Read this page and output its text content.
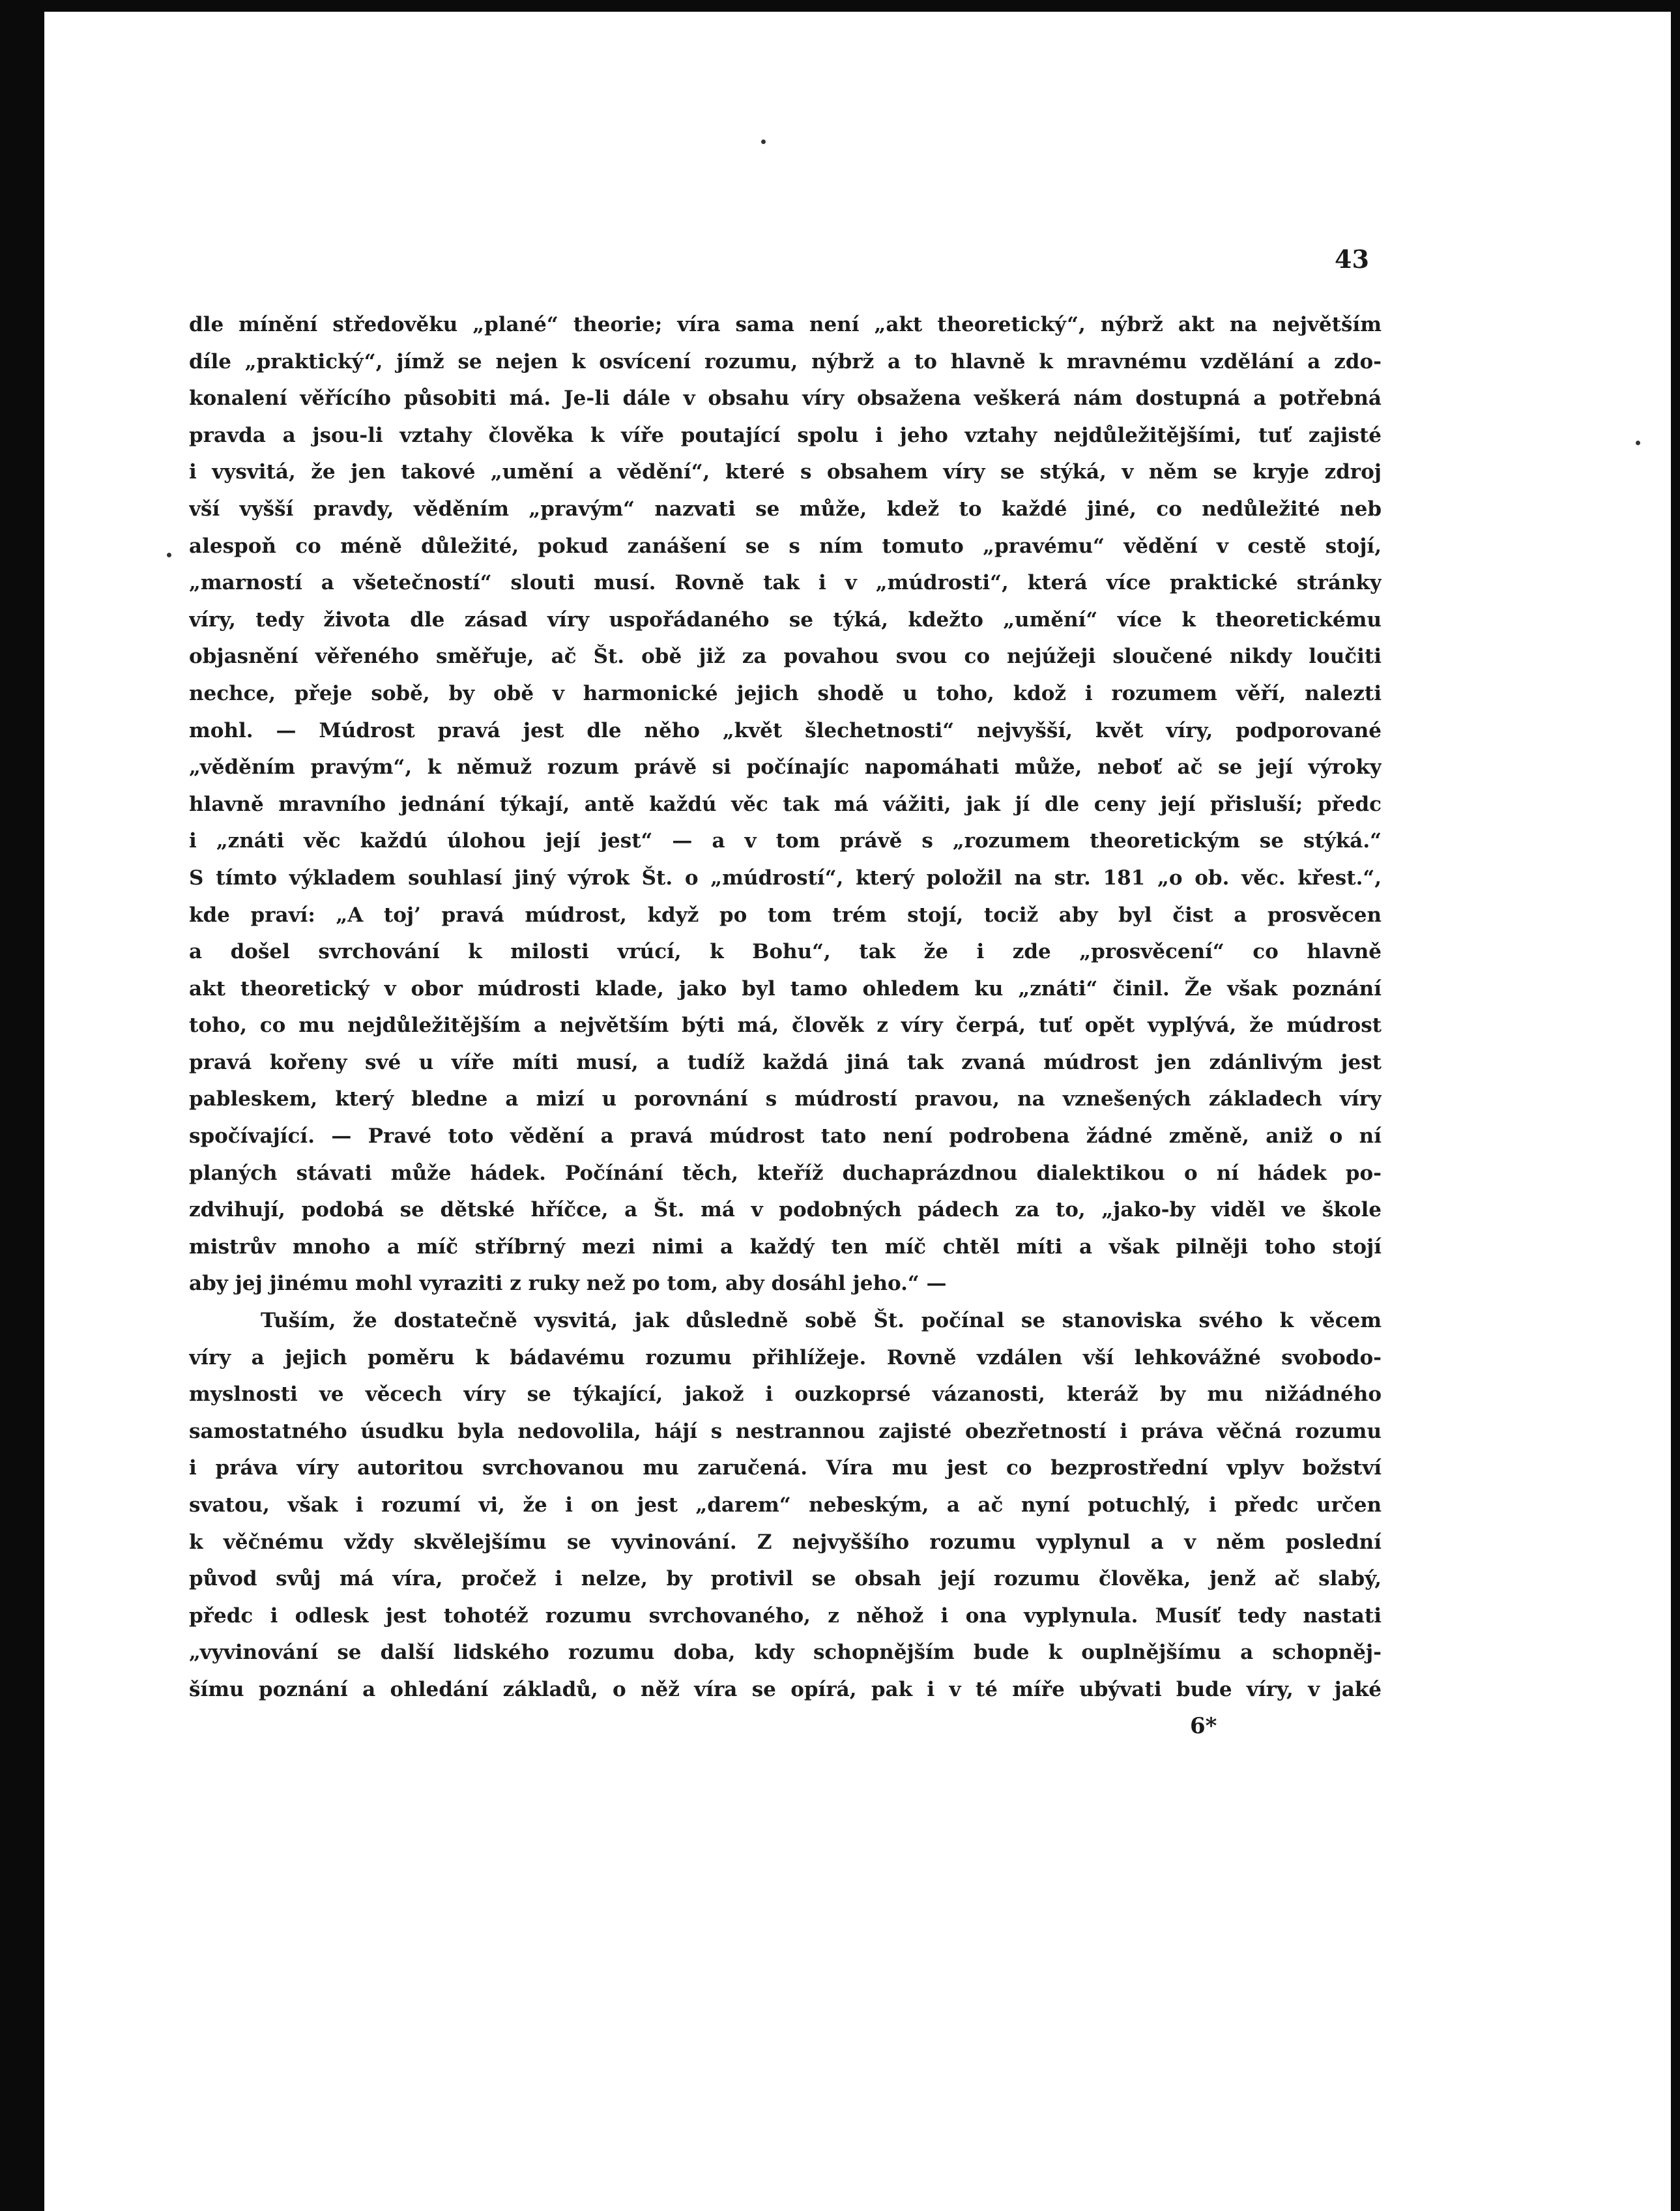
43
dle mínění středověku „plané“ theorie; víra sama není „akt theoretický“, nýbrž akt na největším
díle „praktický“, jímž se nejen k osvícení rozumu, nýbrž a to hlavně k mravnému vzdělání a zdo-
konalení věřícího působiti má. Je-li dále v obsahu víry obsažena veškerá nám dostupná a potřebná
pravda a jsou-li vztahy člověka k víře poutající spolu i jeho vztahy nejdůležitějšími, tuť zajisté
i vysvitá, že jen takové „umění a vědění“, které s obsahem víry se stýká, v něm se kryje zdroj
vší vyšší pravdy, věděním „pravým“ nazvati se může, kdež to každé jiné, co nedůležité neb
alespoň co méně důležité, pokud zanášení se s ním tomuto „pravému“ vědění v cestě stojí,
„marností a všetečností“ slouti musí. Rovně tak i v „múdrosti“, která více praktické stránky
víry, tedy života dle zásad víry uspořádaného se týká, kdežto „umění“ více k theoretickému
objasnění věřeného směřuje, ač Št. obě již za povahou svou co nejúžeji sloučené nikdy loučiti
nechce, přeje sobě, by obě v harmonické jejich shodě u toho, kdož i rozumem věří, nalezti
mohl. — Múdrost pravá jest dle něho „květ šlechetnosti“ nejvyšší, květ víry, podporované
„věděním pravým“, k němuž rozum právě si počínajíc napomáhati může, neboť ač se její výroky
hlavně mravního jednání týkají, antě každú věc tak má vážiti, jak jí dle ceny její přisluší; předc
i „znáti věc každú úlohou její jest“ — a v tom právě s „rozumem theoretickým se stýká.“
S tímto výkladem souhlasí jiný výrok Št. o „múdrostí“, který položil na str. 181 „o ob. věc. křest.“,
kde praví: „A toj’ pravá múdrost, když po tom trém stojí, tociž aby byl čist a prosvěcen
a došel svrchování k milosti vrúcí, k Bohu“, tak že i zde „prosvěcení“ co hlavně
akt theoretický v obor múdrosti klade, jako byl tamo ohledem ku „znáti“ činil. Že však poznání
toho, co mu nejdůležitějším a největším býti má, člověk z víry čerpá, tuť opět vyplývá, že múdrost
pravá kořeny své u víře míti musí, a tudíž každá jiná tak zvaná múdrost jen zdánlivým jest
pableskem, který bledne a mizí u porovnání s múdrostí pravou, na vznešených základech víry
spočívající. — Pravé toto vědění a pravá múdrost tato není podrobena žádné změně, aniž o ní
planých stávati může hádek. Počínání těch, kteříž duchaprázdnou dialektikou o ní hádek po-
zdvihují, podobá se dětské hříčce, a Št. má v podobných pádech za to, „jako-by viděl ve škole
mistrův mnoho a míč stříbrný mezi nimi a každý ten míč chtěl míti a však pilněji toho stojí
aby jej jinému mohl vyraziti z ruky než po tom, aby dosáhl jeho.“ —
Tuším, že dostatečně vysvitá, jak důsledně sobě Št. počínal se stanoviska svého k věcem
víry a jejich poměru k bádavému rozumu přihlížeje. Rovně vzdálen vší lehkovážné svobodo-
myslnosti ve věcech víry se týkající, jakož i ouzkoprsé vázanosti, kteráž by mu nižádného
samostatného úsudku byla nedovolila, hájí s nestrannou zajisté obezřetností i práva věčná rozumu
i práva víry autoritou svrchovanou mu zaručená. Víra mu jest co bezprostřední vplyv božství
svatou, však i rozumí vi, že i on jest „darem“ nebeským, a ač nyní potuchlý, i předc určen
k věčnému vždy skvělejšímu se vyvinování. Z nejvyššího rozumu vyplynul a v něm poslední
původ svůj má víra, pročež i nelze, by protivil se obsah její rozumu člověka, jenž ač slabý,
předc i odlesk jest tohotéž rozumu svrchovaného, z něhož i ona vyplynula. Musíť tedy nastati
„vyvinování se další lidského rozumu doba, kdy schopnějším bude k ouplnějšímu a schopněj-
šímu poznání a ohledání základů, o něž víra se opírá, pak i v té míře ubývati bude víry, v jaké
6*
